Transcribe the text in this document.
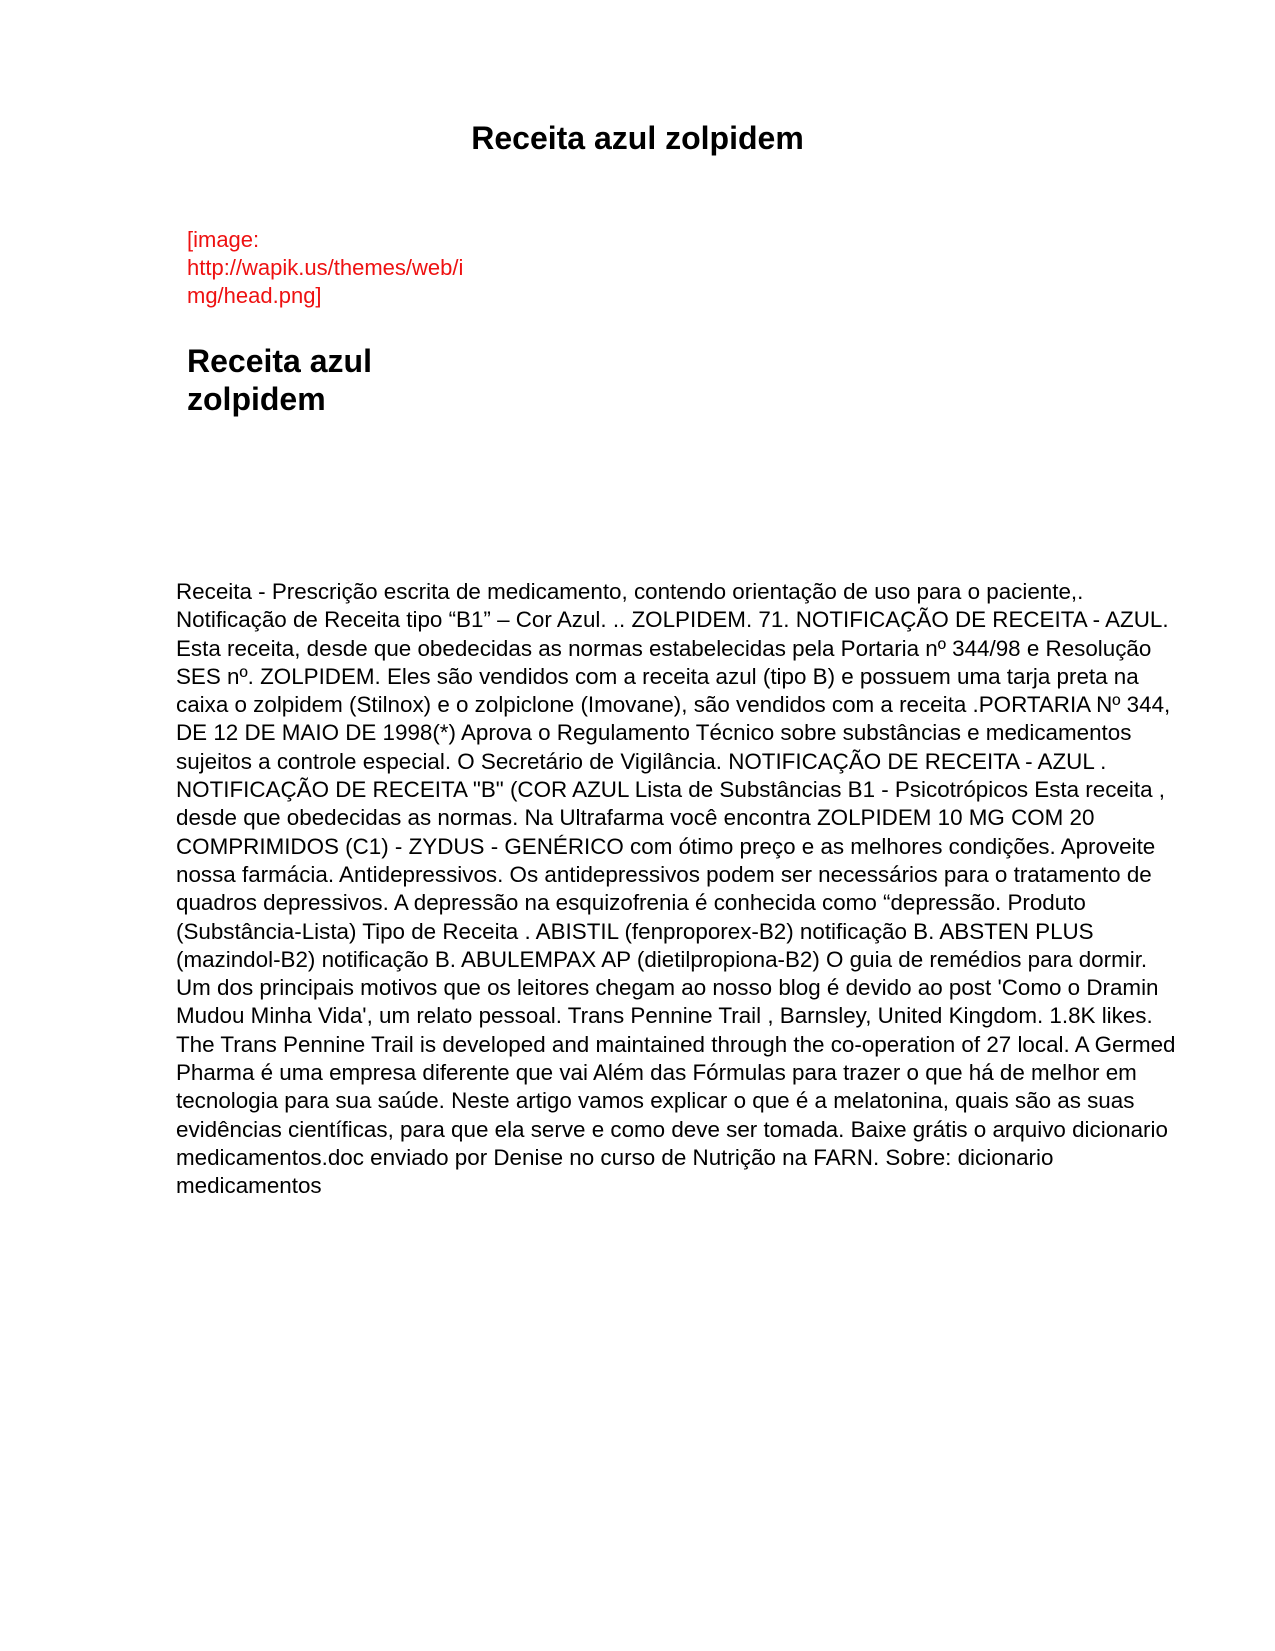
Receita azul zolpidem
[image: http://wapik.us/themes/web/img/head.png]
Receita azul zolpidem

Receita - Prescrição escrita de medicamento, contendo orientação de uso para o paciente,. Notificação de Receita tipo “B1” – Cor Azul. .. ZOLPIDEM. 71. NOTIFICAÇÃO DE RECEITA - AZUL. Esta receita, desde que obedecidas as normas estabelecidas pela Portaria nº 344/98 e Resolução SES nº. ZOLPIDEM. Eles são vendidos com a receita azul (tipo B) e possuem uma tarja preta na caixa o zolpidem (Stilnox) e o zolpiclone (Imovane), são vendidos com a receita .PORTARIA Nº 344, DE 12 DE MAIO DE 1998(*) Aprova o Regulamento Técnico sobre substâncias e medicamentos sujeitos a controle especial. O Secretário de Vigilância. NOTIFICAÇÃO DE RECEITA - AZUL . NOTIFICAÇÃO DE RECEITA "B" (COR AZUL Lista de Substâncias B1 - Psicotrópicos Esta receita , desde que obedecidas as normas. Na Ultrafarma você encontra ZOLPIDEM 10 MG COM 20 COMPRIMIDOS (C1) - ZYDUS - GENÉRICO com ótimo preço e as melhores condições. Aproveite nossa farmácia. Antidepressivos. Os antidepressivos podem ser necessários para o tratamento de quadros depressivos. A depressão na esquizofrenia é conhecida como “depressão. Produto (Substância-Lista) Tipo de Receita . ABISTIL (fenproporex-B2) notificação B. ABSTEN PLUS (mazindol-B2) notificação B. ABULEMPAX AP (dietilpropiona-B2) O guia de remédios para dormir. Um dos principais motivos que os leitores chegam ao nosso blog é devido ao post 'Como o Dramin Mudou Minha Vida', um relato pessoal. Trans Pennine Trail , Barnsley, United Kingdom. 1.8K likes. The Trans Pennine Trail is developed and maintained through the co-operation of 27 local. A Germed Pharma é uma empresa diferente que vai Além das Fórmulas para trazer o que há de melhor em tecnologia para sua saúde. Neste artigo vamos explicar o que é a melatonina, quais são as suas evidências científicas, para que ela serve e como deve ser tomada. Baixe grátis o arquivo dicionario medicamentos.doc enviado por Denise no curso de Nutrição na FARN. Sobre: dicionario medicamentos
